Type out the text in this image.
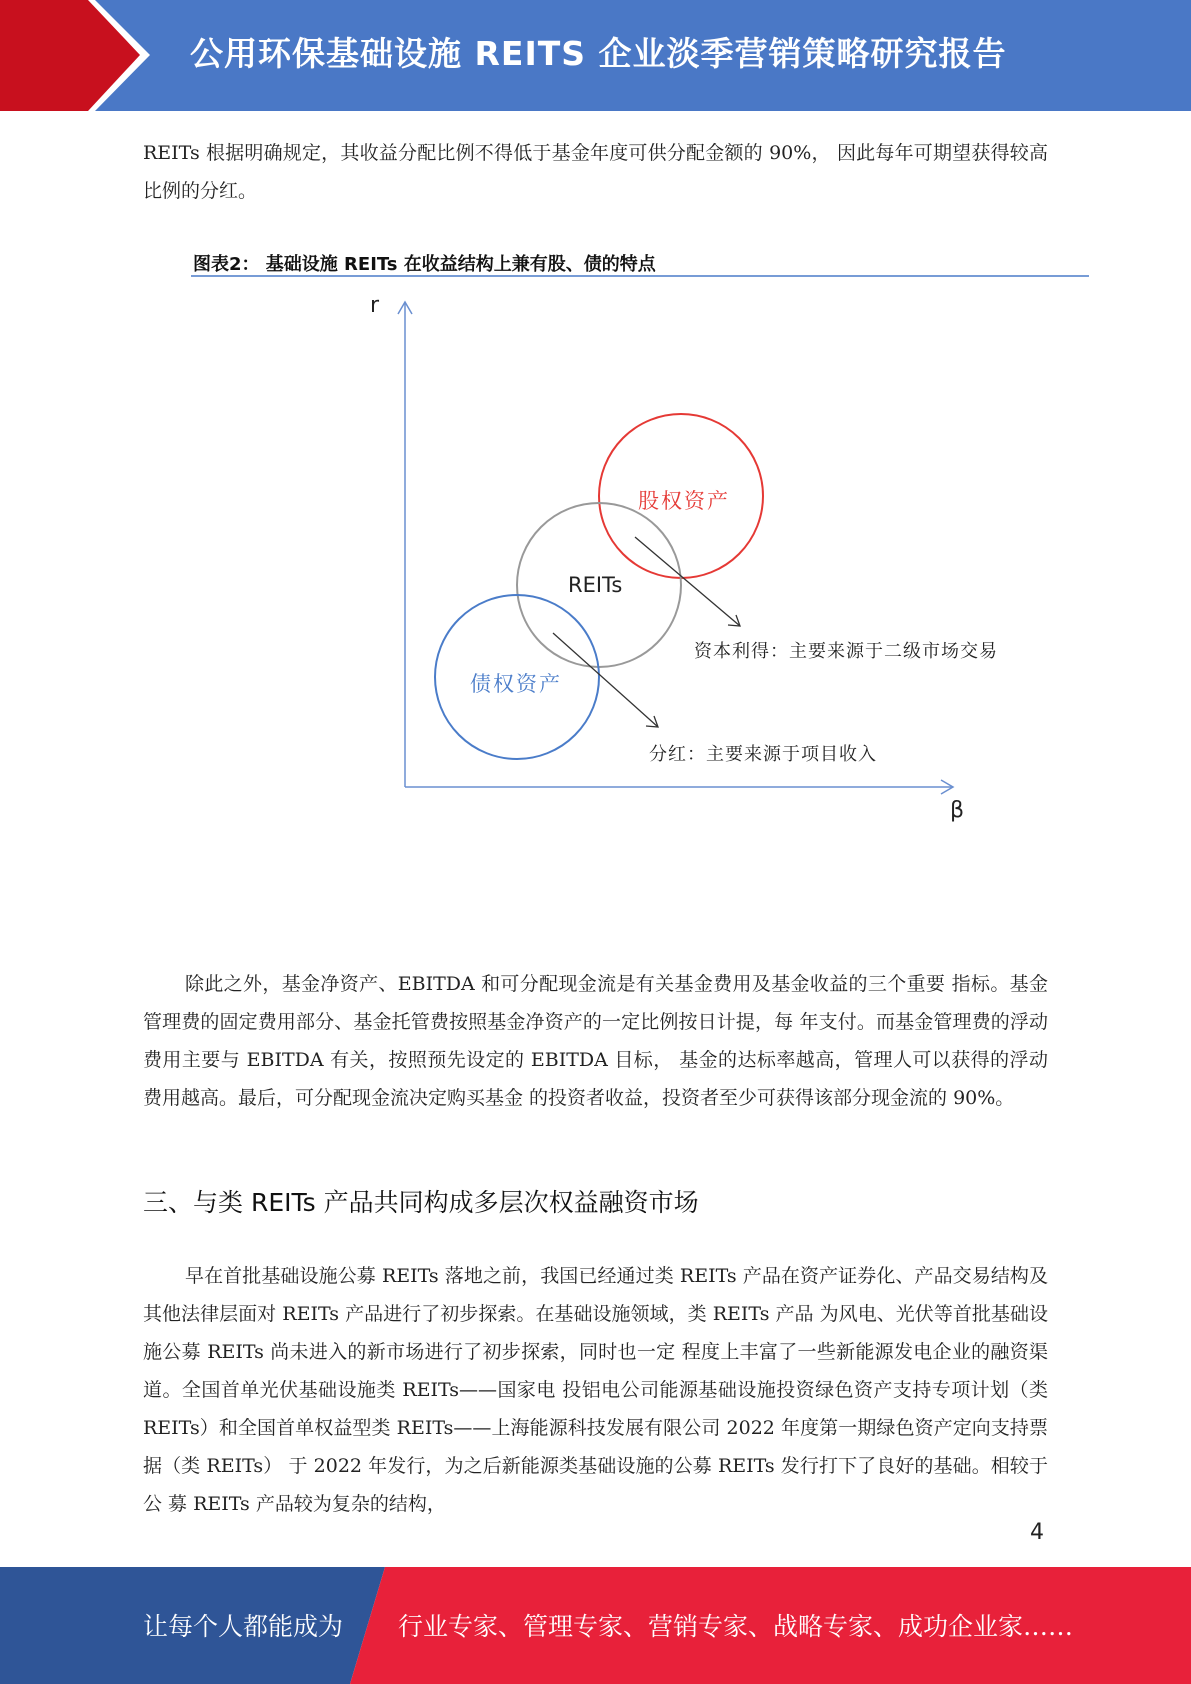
公用环保基础设施 REITS 企业淡季营销策略研究报告
REITs 根据明确规定，其收益分配比例不得低于基金年度可供分配金额的 90%， 因此每年可期望获得较高比例的分红。
图表2： 基础设施 REITs 在收益结构上兼有股、债的特点
r
β
股权资产
REITs
债权资产
资本利得：主要来源于二级市场交易
分红：主要来源于项目收入
除此之外，基金净资产、EBITDA 和可分配现金流是有关基金费用及基金收益的三个重要 指标。基金管理费的固定费用部分、基金托管费按照基金净资产的一定比例按日计提，每 年支付。而基金管理费的浮动费用主要与 EBITDA 有关，按照预先设定的 EBITDA 目标， 基金的达标率越高，管理人可以获得的浮动费用越高。最后，可分配现金流决定购买基金 的投资者收益，投资者至少可获得该部分现金流的 90%。
三、与类 REITs 产品共同构成多层次权益融资市场
早在首批基础设施公募 REITs 落地之前，我国已经通过类 REITs 产品在资产证券化、产品交易结构及其他法律层面对 REITs 产品进行了初步探索。在基础设施领域，类 REITs 产品 为风电、光伏等首批基础设施公募 REITs 尚未进入的新市场进行了初步探索，同时也一定 程度上丰富了一些新能源发电企业的融资渠道。全国首单光伏基础设施类 REITs——国家电 投铝电公司能源基础设施投资绿色资产支持专项计划（类 REITs）和全国首单权益型类 REITs——上海能源科技发展有限公司 2022 年度第一期绿色资产定向支持票据（类 REITs） 于 2022 年发行，为之后新能源类基础设施的公募 REITs 发行打下了良好的基础。相较于公 募 REITs 产品较为复杂的结构，
4
让每个人都能成为 行业专家、管理专家、营销专家、战略专家、成功企业家……
